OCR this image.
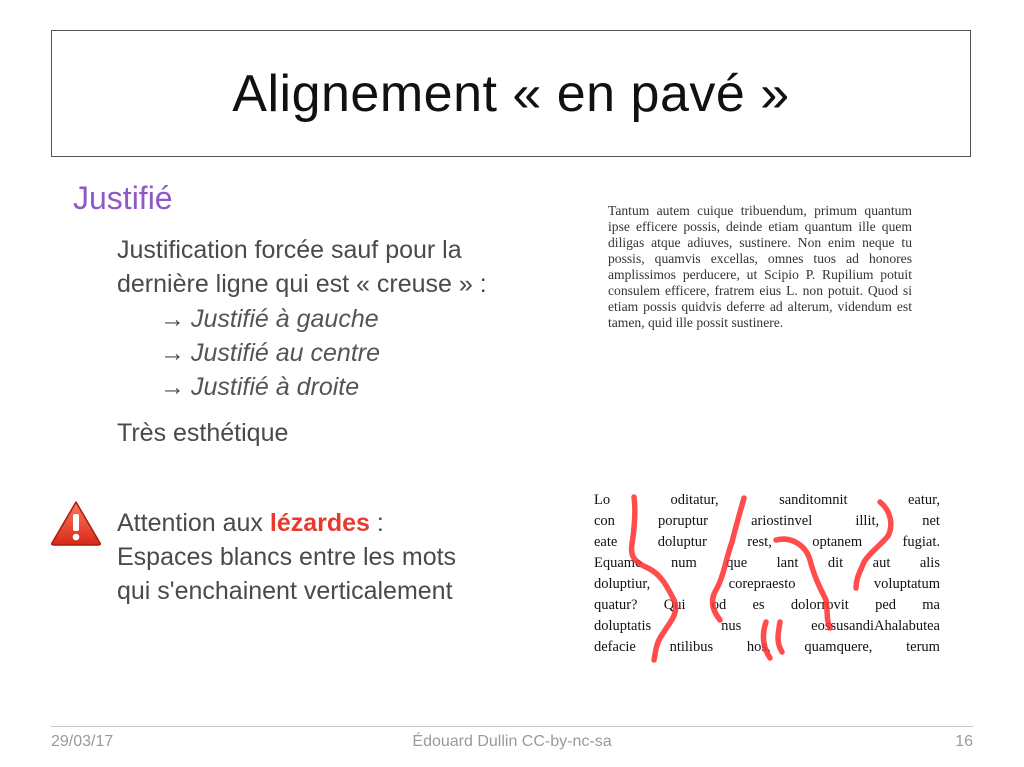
Alignement « en pavé »
Justifié
Justification forcée sauf pour la
dernière ligne qui est « creuse » :
→ Justifié à gauche
→ Justifié au centre
→ Justifié à droite
Très esthétique
Attention aux lézardes :
Espaces blancs entre les mots
qui s'enchainent verticalement

Tantum autem cuique tribuendum, primum quantum ipse efficere possis, deinde etiam quantum ille quem diligas atque adiuves, sustinere. Non enim neque tu possis, quamvis excellas, omnes tuos ad honores amplissimos perducere, ut Scipio P. Rupilium potuit consulem efficere, fratrem eius L. non potuit. Quod si etiam possis quidvis deferre ad alterum, videndum est tamen, quid ille possit sustinere.

Lo	oditatur,	sanditomnit	eatur,
con	poruptur	ariostinvel	illit,	net
eate	doluptur	rest,	optanem	fugiat.
Equame num que lant dit aut alis
doluptiur,	corepraesto	voluptatum
quatur? Qui od es dolorrovit ped ma
doluptatis	nus	eossusandiAhalabutea
defacie ntilibus hos, quamquere, terum
29/03/17	Édouard Dullin CC-by-nc-sa	16
